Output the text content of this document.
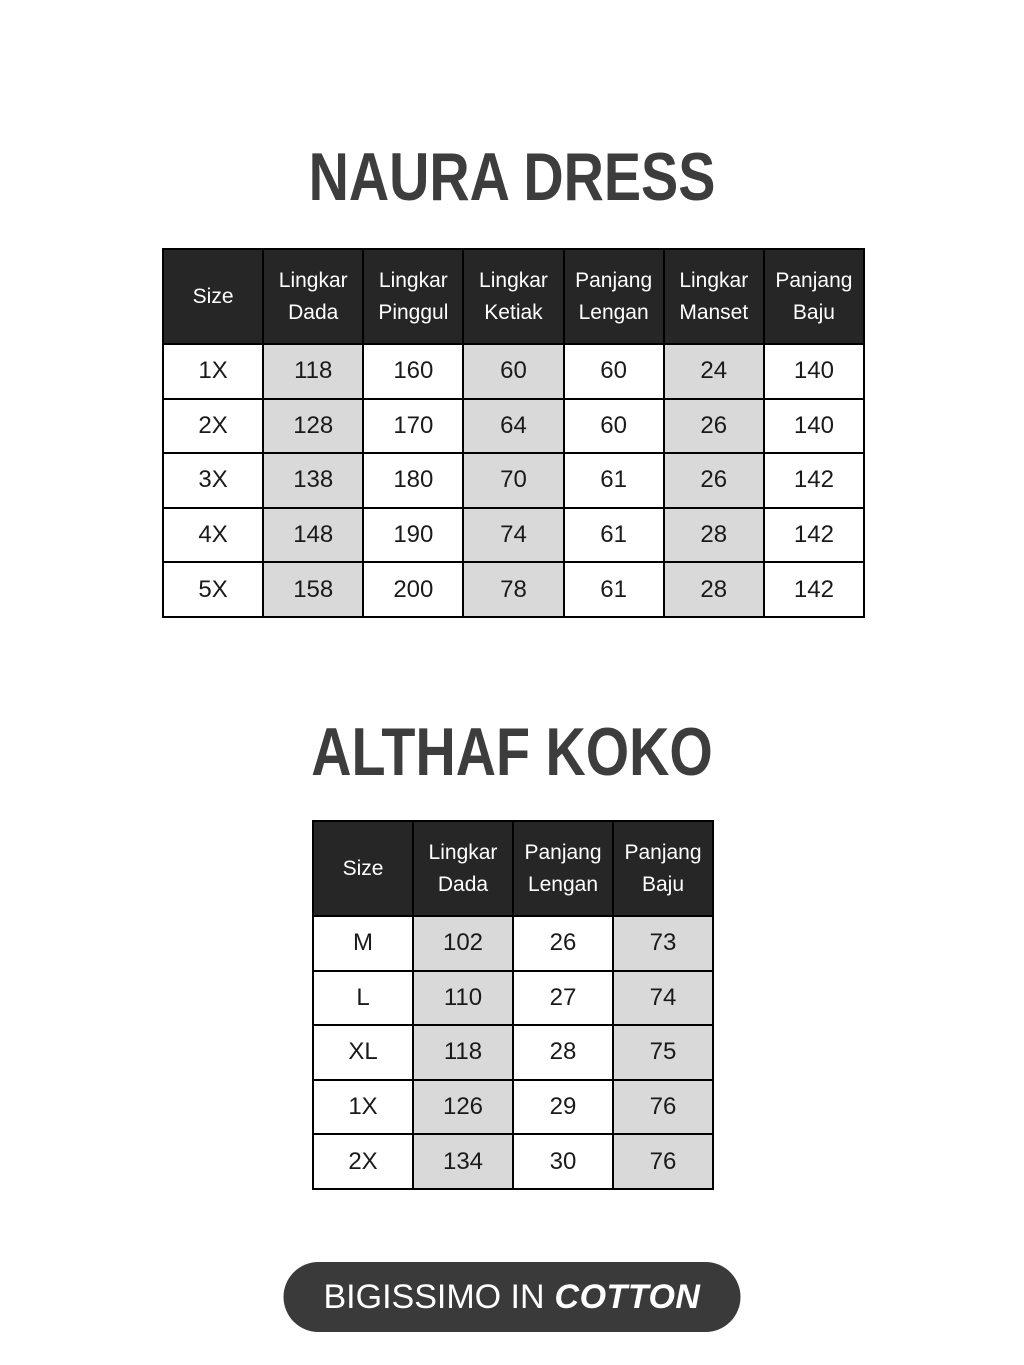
NAURA DRESS
Size	Lingkar Dada	Lingkar Pinggul	Lingkar Ketiak	Panjang Lengan	Lingkar Manset	Panjang Baju
1X	118	160	60	60	24	140
2X	128	170	64	60	26	140
3X	138	180	70	61	26	142
4X	148	190	74	61	28	142
5X	158	200	78	61	28	142
ALTHAF KOKO
Size	Lingkar Dada	Panjang Lengan	Panjang Baju
M	102	26	73
L	110	27	74
XL	118	28	75
1X	126	29	76
2X	134	30	76
BIGISSIMO IN COTTON
